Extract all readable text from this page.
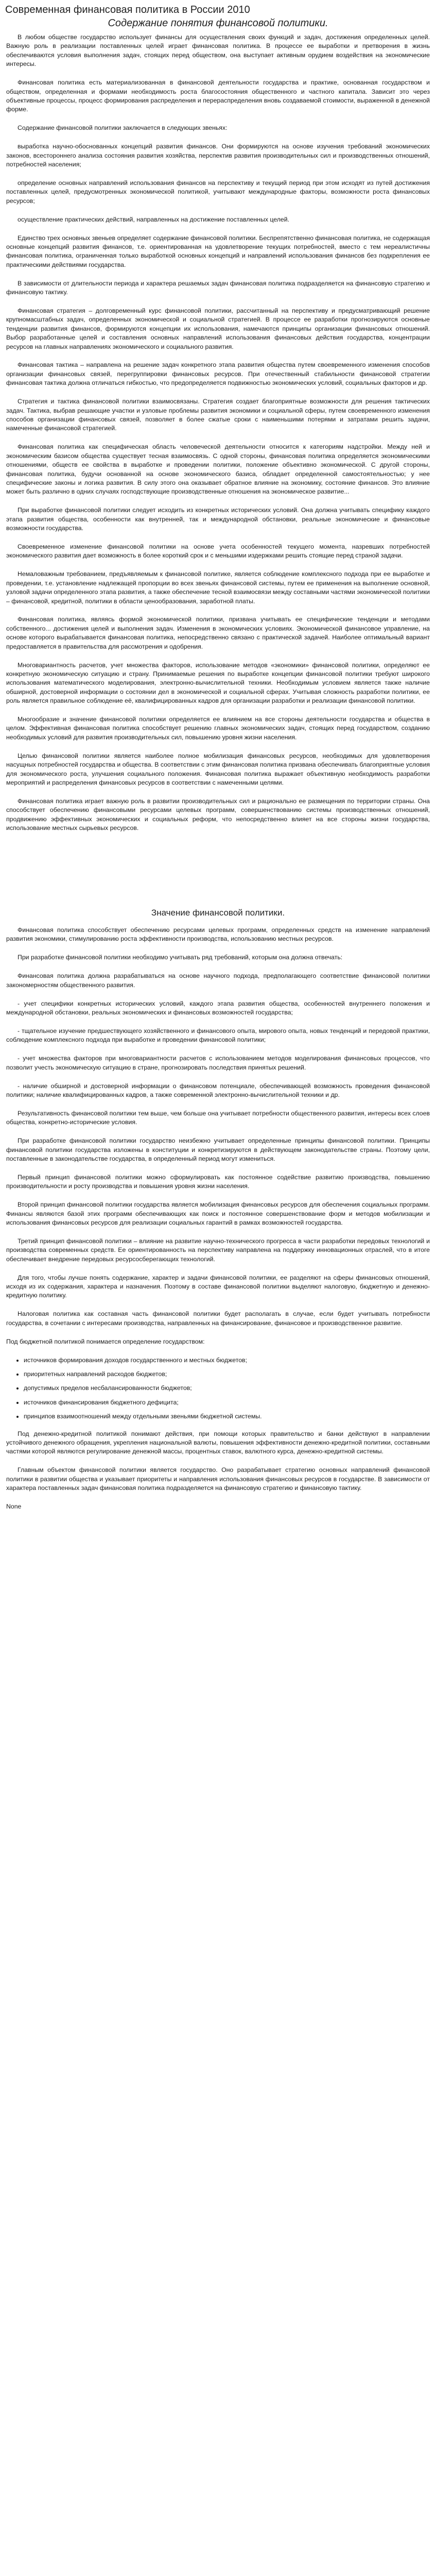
Современная финансовая политика в России 2010
Содержание понятия финансовой политики.

В любом обществе государство использует финансы для осуществления своих функций и задач, достижения определенных целей. Важную роль в реализации поставленных целей играет финансовая политика. В процессе ее выработки и претворения в жизнь обеспечиваются условия выполнения задач, стоящих перед обществом, она выступает активным орудием воздействия на экономические интересы.

Финансовая политика есть материализованная в финансовой деятельности государства и практике, основанная государством и обществом, определенная и формами необходимость роста благосостояния общественного и частного капитала. Зависит это через объективные процессы, процесс формирования распределения и перераспределения вновь создаваемой стоимости, выраженной в денежной форме.

Содержание финансовой политики заключается в следующих звеньях:

выработка научно-обоснованных концепций развития финансов. Они формируются на основе изучения требований экономических законов, всестороннего анализа состояния развития хозяйства, перспектив развития производительных сил и производственных отношений, потребностей населения;

определение основных направлений использования финансов на перспективу и текущий период при этом исходят из путей достижения поставленных целей, предусмотренных экономической политикой, учитывают международные факторы, возможности роста финансовых ресурсов;

осуществление практических действий, направленных на достижение поставленных целей.

Единство трех основных звеньев определяет содержание финансовой политики. Беспрепятственно финансовая политика, не содержащая основные концепций развития финансов, т.е. ориентированная на удовлетворение текущих потребностей, вместо с тем нереалистичны финансовая политика, ограниченная только выработкой основных концепций и направлений использования финансов без подкрепления ее практическими действиями государства.

В зависимости от длительности периода и характера решаемых задач финансовая политика подразделяется на финансовую стратегию и финансовую тактику.

Финансовая стратегия – долговременный курс финансовой политики, рассчитанный на перспективу и предусматривающий решение крупномасштабных задач, определенных экономической и социальной стратегией. В процессе ее разработки прогнозируются основные тенденции развития финансов, формируются концепции их использования, намечаются принципы организации финансовых отношений. Выбор разработанные целей и составления основных направлений использования финансовых действия государства, концентрации ресурсов на главных направлениях экономического и социального развития.

Финансовая тактика – направлена на решение задач конкретного этапа развития общества путем своевременного изменения способов организации финансовых связей, перегруппировки финансовых ресурсов. При отечественный стабильности финансовой стратегии финансовая тактика должна отличаться гибкостью, что предопределяется подвижностью экономических условий, социальных факторов и др.

Стратегия и тактика финансовой политики взаимосвязаны. Стратегия создает благоприятные возможности для решения тактических задач. Тактика, выбрав решающие участки и узловые проблемы развития экономики и социальной сферы, путем своевременного изменения способов организации финансовых связей, позволяет в более сжатые сроки с наименьшими потерями и затратами решить задачи, намеченные финансовой стратегией.

Финансовая политика как специфическая область человеческой деятельности относится к категориям надстройки. Между ней и экономическим базисом общества существует тесная взаимосвязь. С одной стороны, финансовая политика определяется экономическими отношениями, обществ ее свойства в выработке и проведении политики, положение объективно экономической. С другой стороны, финансовая политика, будучи основанной на основе экономического базиса, обладает определенной самостоятельностью; у нее специфические законы и логика развития. В силу этого она оказывает обратное влияние на экономику, состояние финансов. Это влияние может быть различно в одних случаях господствующие производственные отношения на экономическое развитие...

При выработке финансовой политики следует исходить из конкретных исторических условий. Она должна учитывать специфику каждого этапа развития общества, особенности как внутренней, так и международной обстановки, реальные экономические и финансовые возможности государства.

Своевременное изменение финансовой политики на основе учета особенностей текущего момента, назревших потребностей экономического развития дает возможность в более короткий срок и с меньшими издержками решить стоящие перед страной задачи.

Немаловажным требованием, предъявляемым к финансовой политике, является соблюдение комплексного подхода при ее выработке и проведении, т.е. установление надлежащей пропорции во всех звеньях финансовой системы, путем ее применения на выполнение основной, узловой задачи определенного этапа развития, а также обеспечение тесной взаимосвязи между составными частями экономической политики – финансовой, кредитной, политики в области ценообразования, заработной платы.

Финансовая политика, являясь формой экономической политики, призвана учитывать ее специфические тенденции и методами собственного... достижения целей и выполнения задач. Изменения в экономических условиях. Экономической финансовое управление, на основе которого вырабатывается финансовая политика, непосредственно связано с практической задачей. Наиболее оптимальный вариант предоставляется в правительства для рассмотрения и одобрения.

Многовариантность расчетов, учет множества факторов, использование методов «экономики» финансовой политики, определяют ее конкретную экономическую ситуацию и страну. Принимаемые решения по выработке концепции финансовой политики требуют широкого использования математического моделирования, электронно-вычислительной техники. Необходимым условием является также наличие обширной, достоверной информации о состоянии дел в экономической и социальной сферах. Учитывая сложность разработки политики, ее роль является правильное соблюдение её, квалифицированных кадров для организации разработки и реализации финансовой политики.

Многообразие и значение финансовой политики определяется ее влиянием на все стороны деятельности государства и общества в целом. Эффективная финансовая политика способствует решению главных экономических задач, стоящих перед государством, созданию необходимых условий для развития производительных сил, повышению уровня жизни населения.

Целью финансовой политики является наиболее полное мобилизация финансовых ресурсов, необходимых для удовлетворения насущных потребностей государства и общества. В соответствии с этим финансовая политика призвана обеспечивать благоприятные условия для экономического роста, улучшения социального положения. Финансовая политика выражает объективную необходимость разработки мероприятий и распределения финансовых ресурсов в соответствии с намеченными целями.

Финансовая политика играет важную роль в развитии производительных сил и рационально ее размещения по территории страны. Она способствует обеспечению финансовыми ресурсами целевых программ, совершенствованию системы производственных отношений, продвижению эффективных экономических и социальных реформ, что непосредственно влияет на все стороны жизни государства, использование местных сырьевых ресурсов.

Значение финансовой политики.

Финансовая политика способствует обеспечению ресурсами целевых программ, определенных средств на изменение направлений развития экономики, стимулированию роста эффективности производства, использованию местных ресурсов.

При разработке финансовой политики необходимо учитывать ряд требований, которым она должна отвечать:

Финансовая политика должна разрабатываться на основе научного подхода, предполагающего соответствие финансовой политики закономерностям общественного развития.

- учет специфики конкретных исторических условий, каждого этапа развития общества, особенностей внутреннего положения и международной обстановки, реальных экономических и финансовых возможностей государства;

- тщательное изучение предшествующего хозяйственного и финансового опыта, мирового опыта, новых тенденций и передовой практики, соблюдение комплексного подхода при выработке и проведении финансовой политики;

- учет множества факторов при многовариантности расчетов с использованием методов моделирования финансовых процессов, что позволит учесть экономическую ситуацию в стране, прогнозировать последствия принятых решений.

- наличие обширной и достоверной информации о финансовом потенциале, обеспечивающей возможность проведения финансовой политики; наличие квалифицированных кадров, а также современной электронно-вычислительной техники и др.

Результативность финансовой политики тем выше, чем больше она учитывает потребности общественного развития, интересы всех слоев общества, конкретно-исторические условия.

При разработке финансовой политики государство неизбежно учитывает определенные принципы финансовой политики. Принципы финансовой политики государства изложены в конституции и конкретизируются в действующем законодательстве страны. Поэтому цели, поставленные в законодательстве государства, в определенный период могут измениться.

Первый принцип финансовой политики можно сформулировать как постоянное содействие развитию производства, повышению производительности и росту производства и повышения уровня жизни населения.

Второй принцип финансовой политики государства является мобилизация финансовых ресурсов для обеспечения социальных программ. Финансы являются базой этих программ обеспечивающих как поиск и постоянное совершенствование форм и методов мобилизации и использования финансовых ресурсов для реализации социальных гарантий в рамках возможностей государства.

Третий принцип финансовой политики – влияние на развитие научно-технического прогресса в части разработки передовых технологий и производства современных средств. Ее ориентированность на перспективу направлена на поддержку инновационных отраслей, что в итоге обеспечивает внедрение передовых ресурсосберегающих технологий.

Для того, чтобы лучше понять содержание, характер и задачи финансовой политики, ее разделяют на сферы финансовых отношений, исходя из их содержания, характера и назначения. Поэтому в составе финансовой политики выделяют налоговую, бюджетную и денежно-кредитную политику.

Налоговая политика как составная часть финансовой политики будет располагать в случае, если будет учитывать потребности государства, в сочетании с интересами производства, направленных на финансирование, финансовое и производственное развитие.

Под бюджетной политикой понимается определение государством:

• источников формирования доходов государственного и местных бюджетов;
• приоритетных направлений расходов бюджетов;
• допустимых пределов несбалансированности бюджетов;
• источников финансирования бюджетного дефицита;
• принципов взаимоотношений между отдельными звеньями бюджетной системы.

Под денежно-кредитной политикой понимают действия, при помощи которых правительство и банки действуют в направлении устойчивого денежного обращения, укрепления национальной валюты, повышения эффективности денежно-кредитной политики, составными частями которой являются регулирование денежной массы, процентных ставок, валютного курса, денежно-кредитной системы.

Главным объектом финансовой политики является государство. Оно разрабатывает стратегию основных направлений финансовой политики в развитии общества и указывает приоритеты и направления использования финансовых ресурсов в государстве. В зависимости от характера поставленных задач финансовая политика подразделяется на финансовую стратегию и финансовую тактику.

None
